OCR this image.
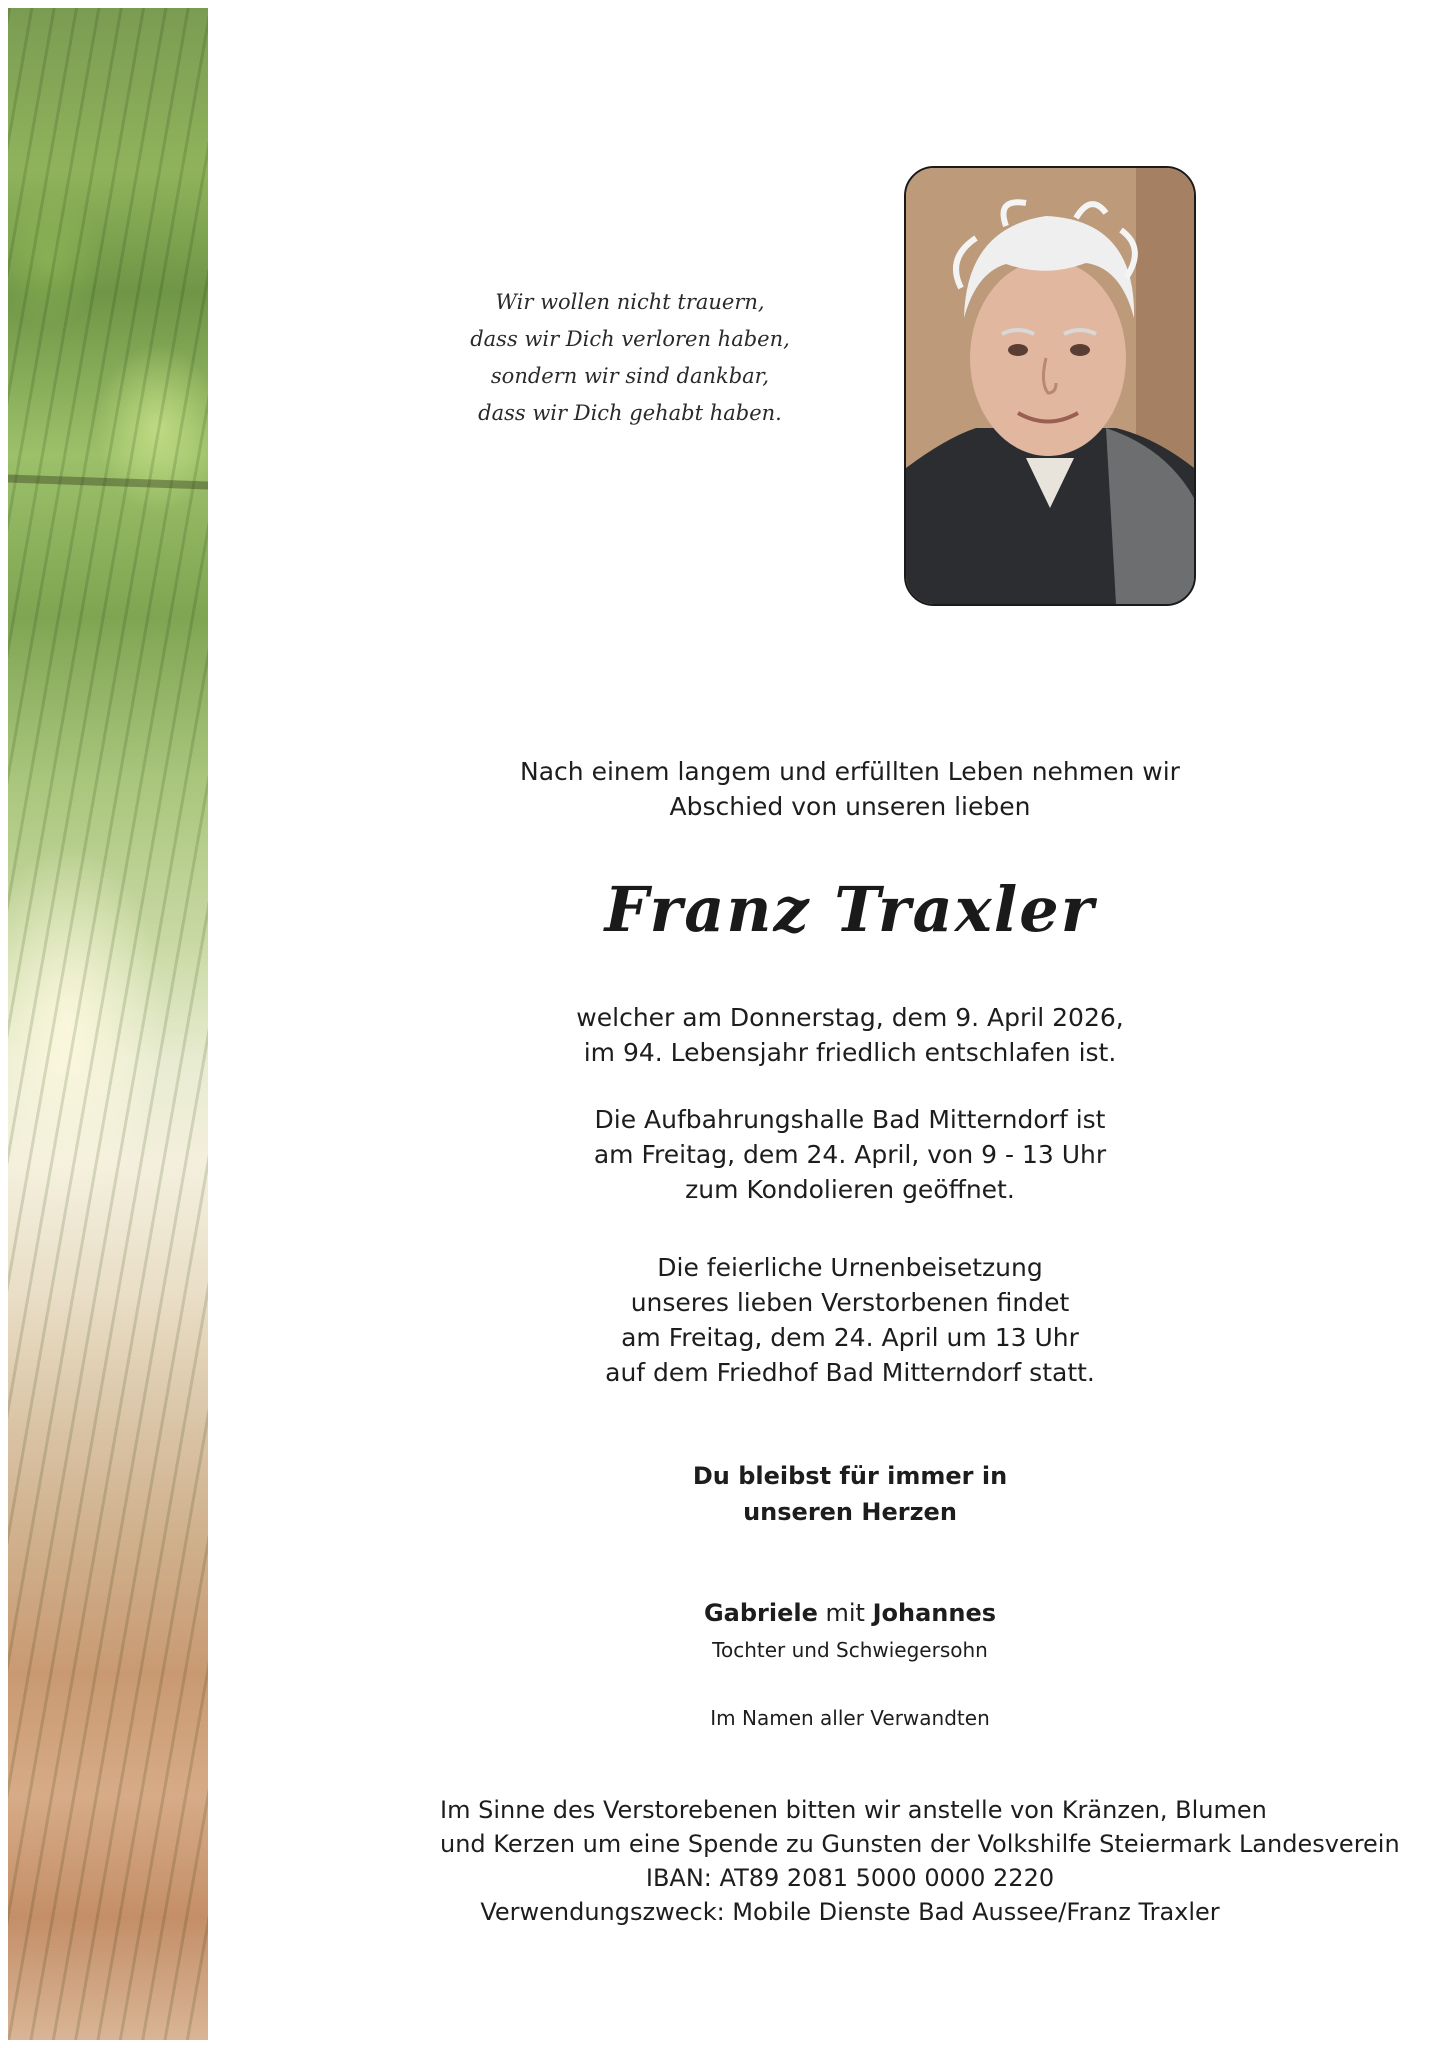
Wir wollen nicht trauern,
dass wir Dich verloren haben,
sondern wir sind dankbar,
dass wir Dich gehabt haben.
Nach einem langem und erfüllten Leben nehmen wir
Abschied von unseren lieben
Franz Traxler
welcher am Donnerstag, dem 9. April 2026,
im 94. Lebensjahr friedlich entschlafen ist.
Die Aufbahrungshalle Bad Mitterndorf ist
am Freitag, dem 24. April, von 9 - 13 Uhr
zum Kondolieren geöffnet.
Die feierliche Urnenbeisetzung
unseres lieben Verstorbenen findet
am Freitag, dem 24. April um 13 Uhr
auf dem Friedhof Bad Mitterndorf statt.
Du bleibst für immer in
unseren Herzen
Gabriele mit Johannes
Tochter und Schwiegersohn
Im Namen aller Verwandten
Im Sinne des Verstorebenen bitten wir anstelle von Kränzen, Blumen
und Kerzen um eine Spende zu Gunsten der Volkshilfe Steiermark Landesverein
IBAN: AT89 2081 5000 0000 2220
Verwendungszweck: Mobile Dienste Bad Aussee/Franz Traxler
